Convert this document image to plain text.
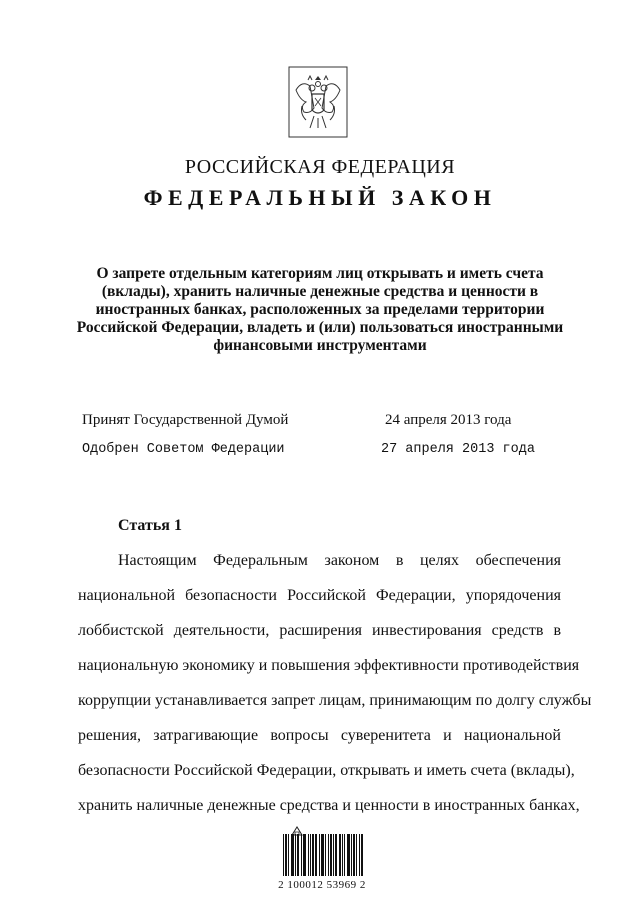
РОССИЙСКАЯ ФЕДЕРАЦИЯ
ФЕДЕРАЛЬНЫЙ ЗАКОН
О запрете отдельным категориям лиц открывать и иметь счета
(вклады), хранить наличные денежные средства и ценности в
иностранных банках, расположенных за пределами территории
Российской Федерации, владеть и (или) пользоваться иностранными
финансовыми инструментами
Принят Государственной Думой	24 апреля 2013 года
Одобрен Советом Федерации	27 апреля 2013 года
Статья 1
Настоящим Федеральным законом в целях обеспечения
национальной безопасности Российской Федерации, упорядочения
лоббистской деятельности, расширения инвестирования средств в
национальную экономику и повышения эффективности противодействия
коррупции устанавливается запрет лицам, принимающим по долгу службы
решения, затрагивающие вопросы суверенитета и национальной
безопасности Российской Федерации, открывать и иметь счета (вклады),
хранить наличные денежные средства и ценности в иностранных банках,
2 100012 53969 2
